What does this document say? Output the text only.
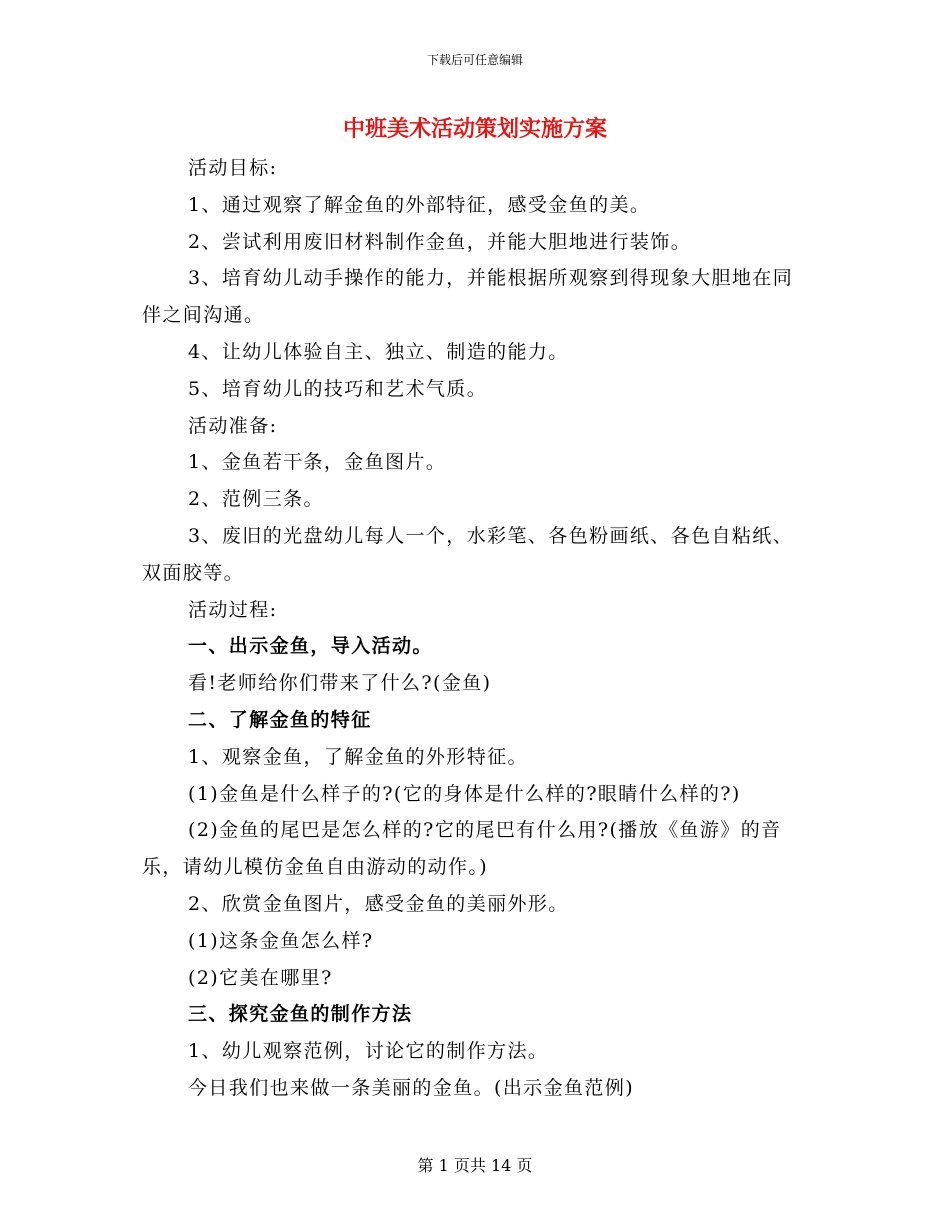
下载后可任意编辑
中班美术活动策划实施方案

活动目标:

1、通过观察了解金鱼的外部特征，感受金鱼的美。

2、尝试利用废旧材料制作金鱼，并能大胆地进行装饰。

3、培育幼儿动手操作的能力，并能根据所观察到得现象大胆地在同伴之间沟通。

4、让幼儿体验自主、独立、制造的能力。

5、培育幼儿的技巧和艺术气质。

活动准备:

1、金鱼若干条，金鱼图片。

2、范例三条。

3、废旧的光盘幼儿每人一个，水彩笔、各色粉画纸、各色自粘纸、双面胶等。

活动过程:

一、出示金鱼，导入活动。

看!老师给你们带来了什么?(金鱼)

二、了解金鱼的特征

1、观察金鱼，了解金鱼的外形特征。

(1)金鱼是什么样子的?(它的身体是什么样的?眼睛什么样的?)

(2)金鱼的尾巴是怎么样的?它的尾巴有什么用?(播放《鱼游》的音乐，请幼儿模仿金鱼自由游动的动作。)

2、欣赏金鱼图片，感受金鱼的美丽外形。

(1)这条金鱼怎么样?

(2)它美在哪里?

三、探究金鱼的制作方法

1、幼儿观察范例，讨论它的制作方法。

今日我们也来做一条美丽的金鱼。(出示金鱼范例)

第 1 页共 14 页
